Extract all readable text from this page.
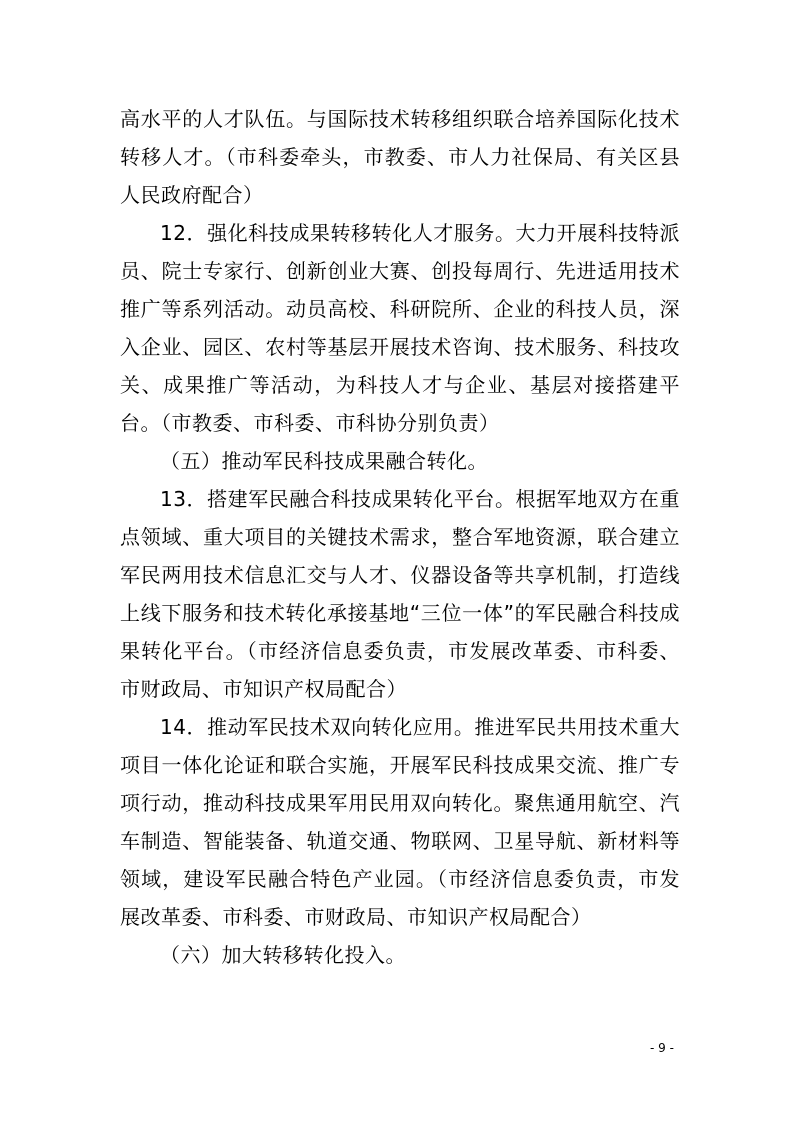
高水平的人才队伍。与国际技术转移组织联合培养国际化技术转移人才。（市科委牵头，市教委、市人力社保局、有关区县人民政府配合）

12．强化科技成果转移转化人才服务。大力开展科技特派员、院士专家行、创新创业大赛、创投每周行、先进适用技术推广等系列活动。动员高校、科研院所、企业的科技人员，深入企业、园区、农村等基层开展技术咨询、技术服务、科技攻关、成果推广等活动，为科技人才与企业、基层对接搭建平台。（市教委、市科委、市科协分别负责）

（五）推动军民科技成果融合转化。

13．搭建军民融合科技成果转化平台。根据军地双方在重点领域、重大项目的关键技术需求，整合军地资源，联合建立军民两用技术信息汇交与人才、仪器设备等共享机制，打造线上线下服务和技术转化承接基地“三位一体”的军民融合科技成果转化平台。（市经济信息委负责，市发展改革委、市科委、市财政局、市知识产权局配合）

14．推动军民技术双向转化应用。推进军民共用技术重大项目一体化论证和联合实施，开展军民科技成果交流、推广专项行动，推动科技成果军用民用双向转化。聚焦通用航空、汽车制造、智能装备、轨道交通、物联网、卫星导航、新材料等领域，建设军民融合特色产业园。（市经济信息委负责，市发展改革委、市科委、市财政局、市知识产权局配合）

（六）加大转移转化投入。

- 9 -
